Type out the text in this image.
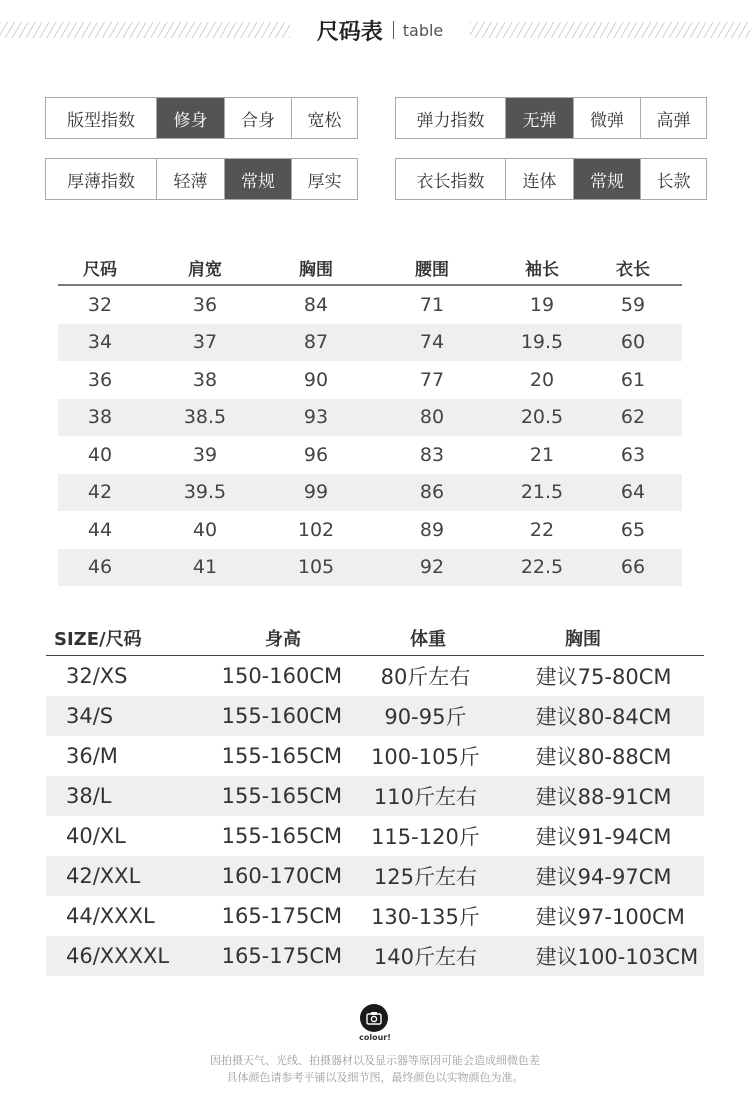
尺码表 table
版型指数	修身	合身	宽松	弹力指数	无弹	微弹	高弹
厚薄指数	轻薄	常规	厚实	衣长指数	连体	常规	长款
尺码	肩宽	胸围	腰围	袖长	衣长
32	36	84	71	19	59
34	37	87	74	19.5	60
36	38	90	77	20	61
38	38.5	93	80	20.5	62
40	39	96	83	21	63
42	39.5	99	86	21.5	64
44	40	102	89	22	65
46	41	105	92	22.5	66
SIZE/尺码	身高	体重	胸围
32/XS	150-160CM	80斤左右	建议75-80CM
34/S	155-160CM	90-95斤	建议80-84CM
36/M	155-165CM	100-105斤	建议80-88CM
38/L	155-165CM	110斤左右	建议88-91CM
40/XL	155-165CM	115-120斤	建议91-94CM
42/XXL	160-170CM	125斤左右	建议94-97CM
44/XXXL	165-175CM	130-135斤	建议97-100CM
46/XXXXL	165-175CM	140斤左右	建议100-103CM
colour!
因拍摄天气、光线、拍摄器材以及显示器等原因可能会造成细微色差
具体颜色请参考平铺以及细节图，最终颜色以实物颜色为准。
